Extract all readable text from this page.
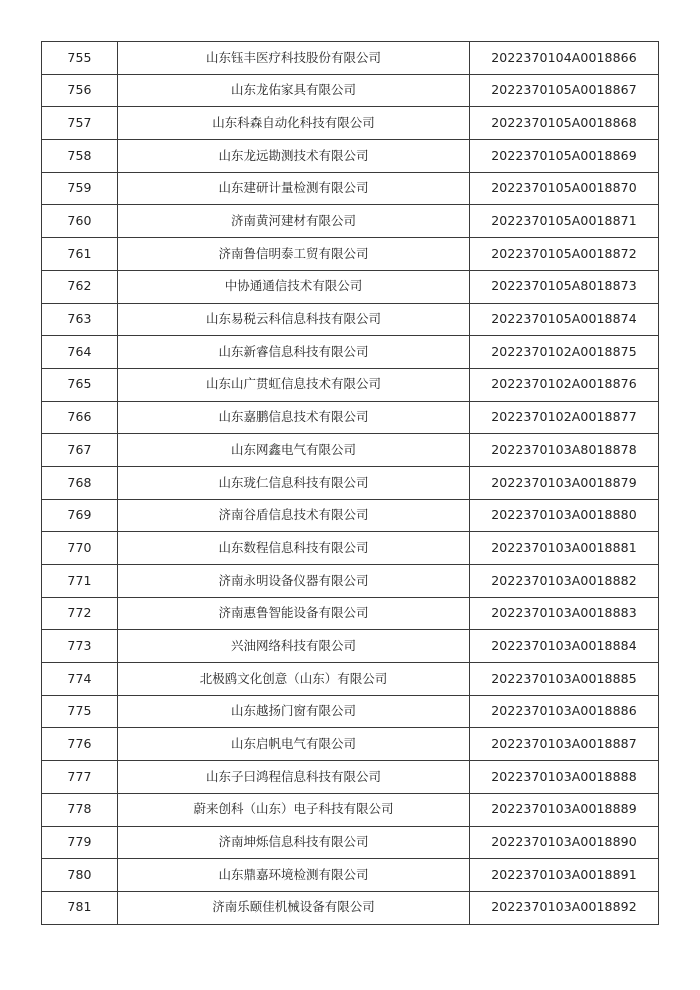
755	山东钰丰医疗科技股份有限公司	2022370104A0018866
756	山东龙佑家具有限公司	2022370105A0018867
757	山东科森自动化科技有限公司	2022370105A0018868
758	山东龙远勘测技术有限公司	2022370105A0018869
759	山东建研计量检测有限公司	2022370105A0018870
760	济南黄河建材有限公司	2022370105A0018871
761	济南鲁信明泰工贸有限公司	2022370105A0018872
762	中协通通信技术有限公司	2022370105A8018873
763	山东易税云科信息科技有限公司	2022370105A0018874
764	山东新睿信息科技有限公司	2022370102A0018875
765	山东山广贯虹信息技术有限公司	2022370102A0018876
766	山东嘉鹏信息技术有限公司	2022370102A0018877
767	山东网鑫电气有限公司	2022370103A8018878
768	山东珑仁信息科技有限公司	2022370103A0018879
769	济南谷盾信息技术有限公司	2022370103A0018880
770	山东数程信息科技有限公司	2022370103A0018881
771	济南永明设备仪器有限公司	2022370103A0018882
772	济南惠鲁智能设备有限公司	2022370103A0018883
773	兴油网络科技有限公司	2022370103A0018884
774	北极鸥文化创意（山东）有限公司	2022370103A0018885
775	山东越扬门窗有限公司	2022370103A0018886
776	山东启帆电气有限公司	2022370103A0018887
777	山东子曰鸿程信息科技有限公司	2022370103A0018888
778	蔚来创科（山东）电子科技有限公司	2022370103A0018889
779	济南坤烁信息科技有限公司	2022370103A0018890
780	山东鼎嘉环境检测有限公司	2022370103A0018891
781	济南乐颐佳机械设备有限公司	2022370103A0018892
